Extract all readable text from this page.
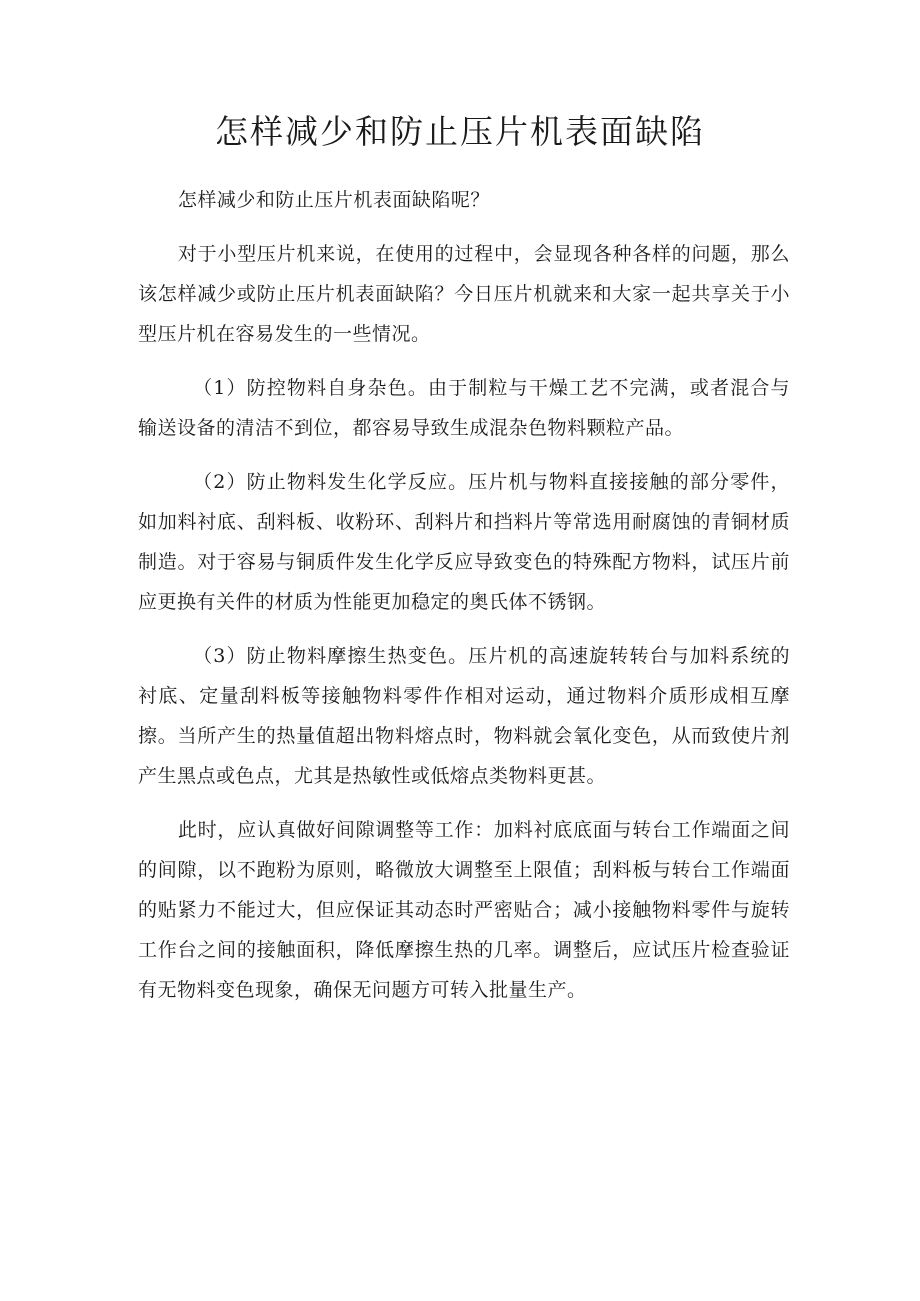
怎样减少和防止压片机表面缺陷

怎样减少和防止压片机表面缺陷呢？

对于小型压片机来说，在使用的过程中，会显现各种各样的问题，那么该怎样减少或防止压片机表面缺陷？今日压片机就来和大家一起共享关于小型压片机在容易发生的一些情况。

（1）防控物料自身杂色。由于制粒与干燥工艺不完满，或者混合与输送设备的清洁不到位，都容易导致生成混杂色物料颗粒产品。

（2）防止物料发生化学反应。压片机与物料直接接触的部分零件，如加料衬底、刮料板、收粉环、刮料片和挡料片等常选用耐腐蚀的青铜材质制造。对于容易与铜质件发生化学反应导致变色的特殊配方物料，试压片前应更换有关件的材质为性能更加稳定的奥氏体不锈钢。

（3）防止物料摩擦生热变色。压片机的高速旋转转台与加料系统的衬底、定量刮料板等接触物料零件作相对运动，通过物料介质形成相互摩擦。当所产生的热量值超出物料熔点时，物料就会氧化变色，从而致使片剂产生黑点或色点，尤其是热敏性或低熔点类物料更甚。

此时，应认真做好间隙调整等工作：加料衬底底面与转台工作端面之间的间隙，以不跑粉为原则，略微放大调整至上限值；刮料板与转台工作端面的贴紧力不能过大，但应保证其动态时严密贴合；减小接触物料零件与旋转工作台之间的接触面积，降低摩擦生热的几率。调整后，应试压片检查验证有无物料变色现象，确保无问题方可转入批量生产。
